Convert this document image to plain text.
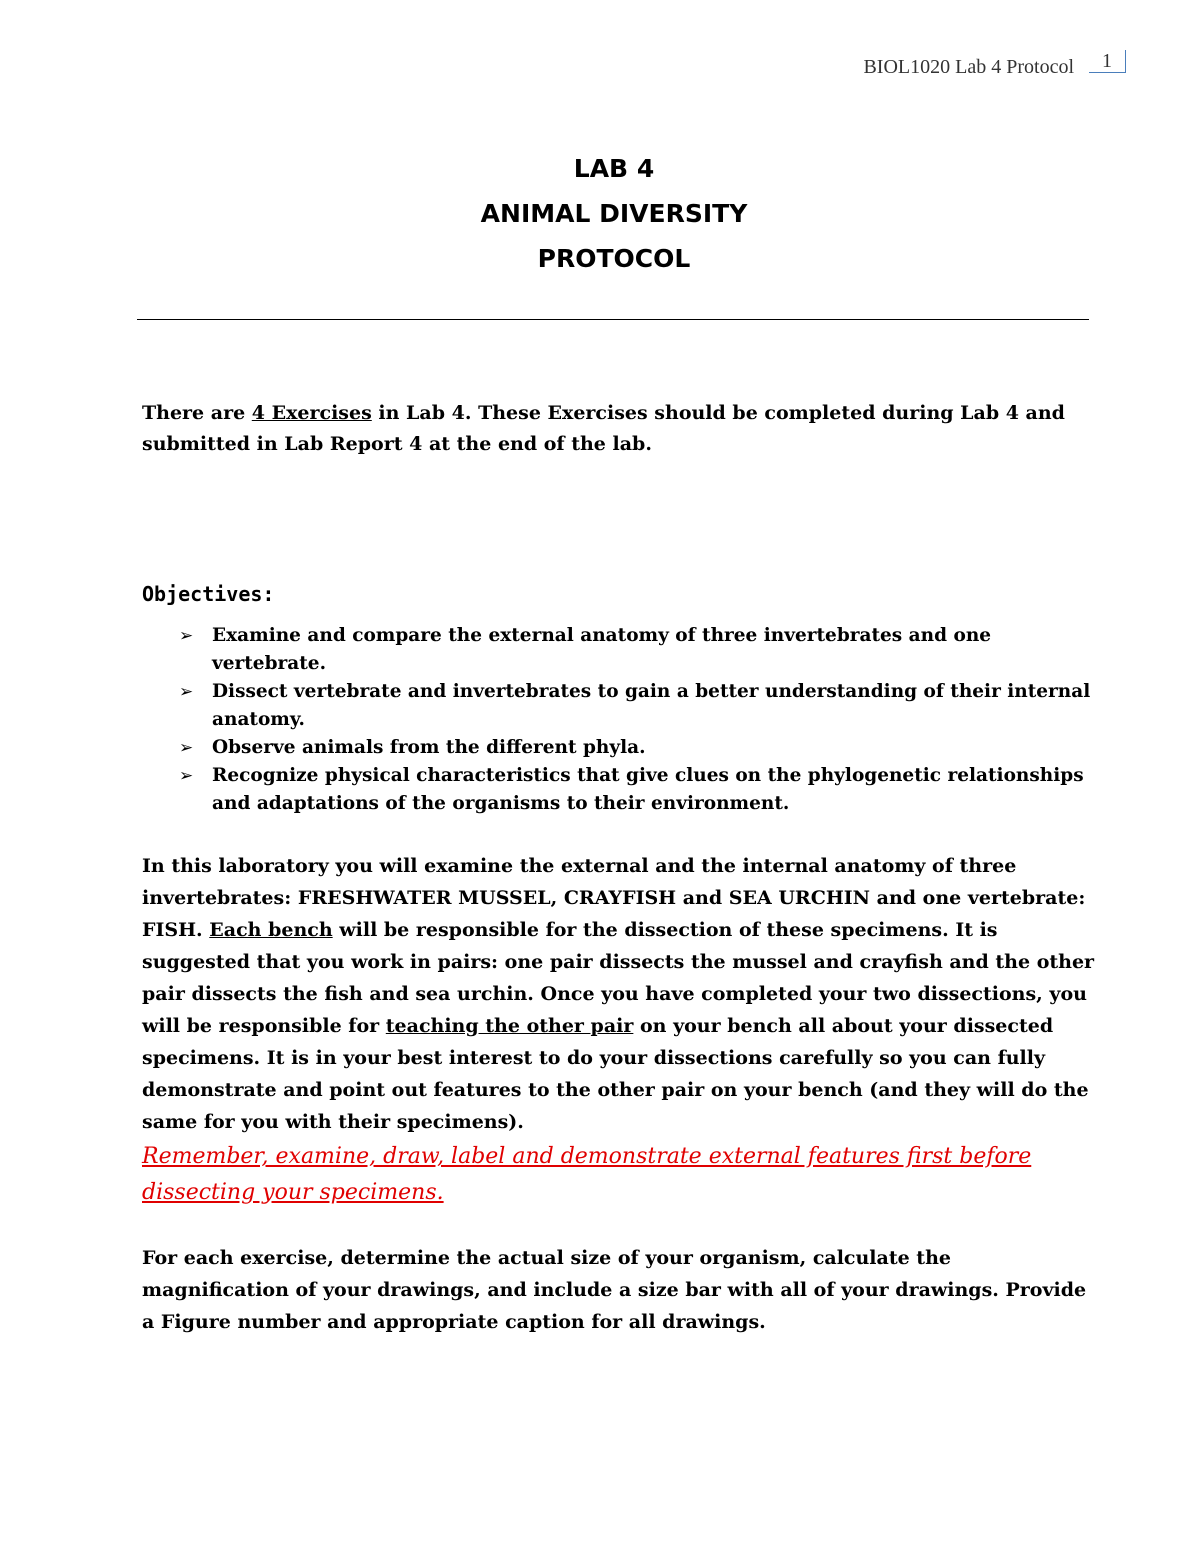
BIOL1020 Lab 4 Protocol	1
LAB 4
ANIMAL DIVERSITY
PROTOCOL
There are 4 Exercises in Lab 4. These Exercises should be completed during Lab 4 and submitted in Lab Report 4 at the end of the lab.
Objectives:
➢ Examine and compare the external anatomy of three invertebrates and one vertebrate.
➢ Dissect vertebrate and invertebrates to gain a better understanding of their internal anatomy.
➢ Observe animals from the different phyla.
➢ Recognize physical characteristics that give clues on the phylogenetic relationships and adaptations of the organisms to their environment.
In this laboratory you will examine the external and the internal anatomy of three invertebrates: FRESHWATER MUSSEL, CRAYFISH and SEA URCHIN and one vertebrate: FISH. Each bench will be responsible for the dissection of these specimens. It is suggested that you work in pairs: one pair dissects the mussel and crayfish and the other pair dissects the fish and sea urchin. Once you have completed your two dissections, you will be responsible for teaching the other pair on your bench all about your dissected specimens. It is in your best interest to do your dissections carefully so you can fully demonstrate and point out features to the other pair on your bench (and they will do the same for you with their specimens).
Remember, examine, draw, label and demonstrate external features first before dissecting your specimens.
For each exercise, determine the actual size of your organism, calculate the magnification of your drawings, and include a size bar with all of your drawings. Provide a Figure number and appropriate caption for all drawings.
